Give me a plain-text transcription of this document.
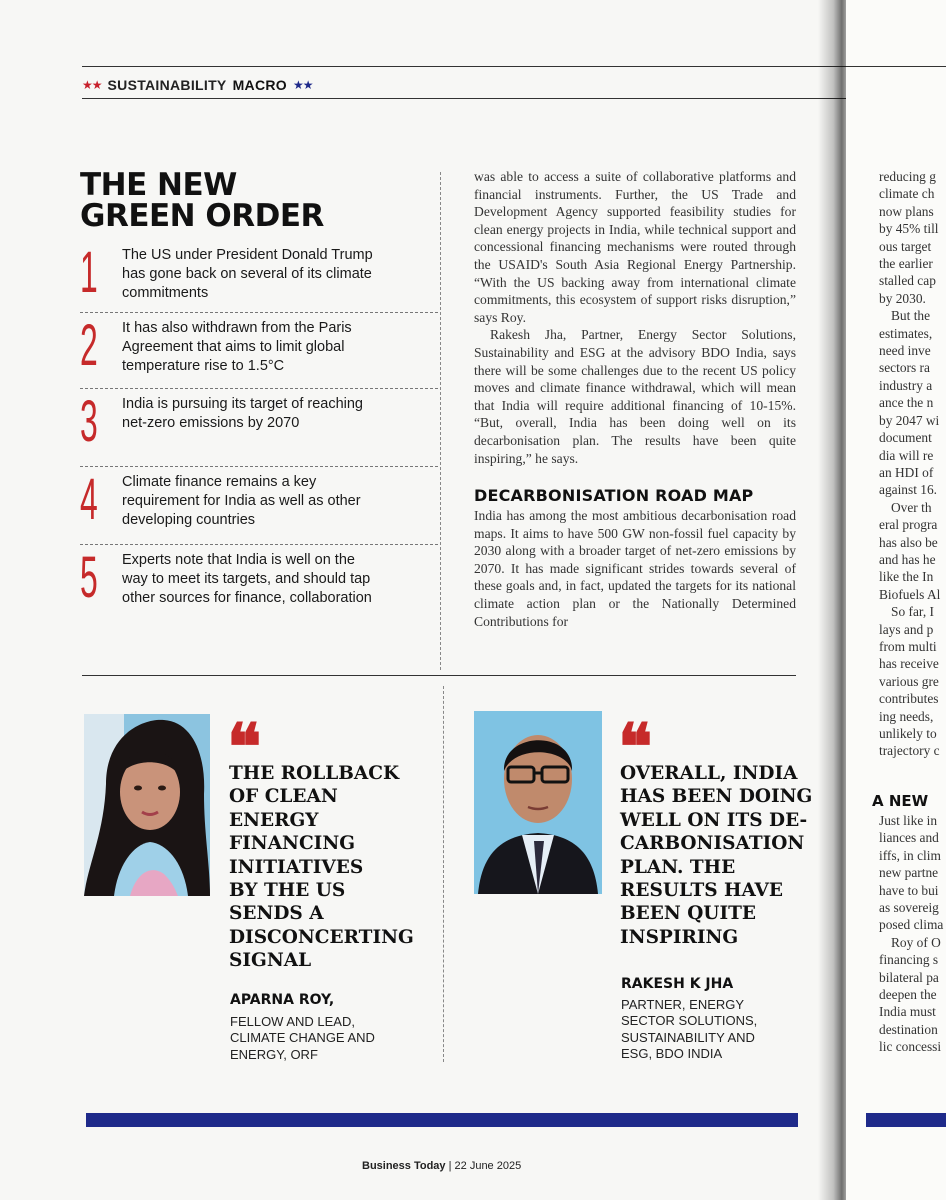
★★ SUSTAINABILITY MACRO ★★
THE NEW
GREEN ORDER
1	The US under President Donald Trump has gone back on several of its climate commitments
2	It has also withdrawn from the Paris Agreement that aims to limit global temperature rise to 1.5°C
3	India is pursuing its target of reaching net-zero emissions by 2070
4	Climate finance remains a key requirement for India as well as other developing countries
5	Experts note that India is well on the way to meet its targets, and should tap other sources for finance, collaboration

was able to access a suite of collaborative platforms and financial instruments. Further, the US Trade and Development Agency supported feasibility studies for clean energy projects in India, while technical support and concessional financing mechanisms were routed through the USAID's South Asia Regional Energy Partnership. “With the US backing away from international climate commitments, this ecosystem of support risks disruption,” says Roy.

Rakesh Jha, Partner, Energy Sector Solutions, Sustainability and ESG at the advisory BDO India, says there will be some challenges due to the recent US policy moves and climate finance withdrawal, which will mean that India will require additional financing of 10-15%. “But, overall, India has been doing well on its decarbonisation plan. The results have been quite inspiring,” he says.

DECARBONISATION ROAD MAP

India has among the most ambitious decarbonisation road maps. It aims to have 500 GW non-fossil fuel capacity by 2030 along with a broader target of net-zero emissions by 2070. It has made significant strides towards several of these goals and, in fact, updated the targets for its national climate action plan or the Nationally Determined Contributions for

❝
THE ROLLBACK
OF CLEAN
ENERGY
FINANCING
INITIATIVES
BY THE US
SENDS A
DISCONCERTING
SIGNAL
APARNA ROY,
FELLOW AND LEAD,
CLIMATE CHANGE AND
ENERGY, ORF
❝
OVERALL, INDIA
HAS BEEN DOING
WELL ON ITS DE-
CARBONISATION
PLAN. THE
RESULTS HAVE
BEEN QUITE
INSPIRING
RAKESH K JHA
PARTNER, ENERGY
SECTOR SOLUTIONS,
SUSTAINABILITY AND
ESG, BDO INDIA
Business Today | 22 June 2025
reducing g
climate ch
now plans
by 45% till
ous target
the earlier
stalled cap
by 2030.
But the
estimates,
need inve
sectors ra
industry a
ance the n
by 2047 wi
document
dia will re
an HDI of
against 16.
Over th
eral progra
has also be
and has he
like the In
Biofuels Al
So far, I
lays and p
from multi
has receive
various gre
contributes
ing needs,
unlikely to
trajectory c
A NEW
Just like in
liances and
iffs, in clim
new partne
have to bui
as sovereig
posed clima
Roy of O
financing s
bilateral pa
deepen the
India must
destination
lic concessi
